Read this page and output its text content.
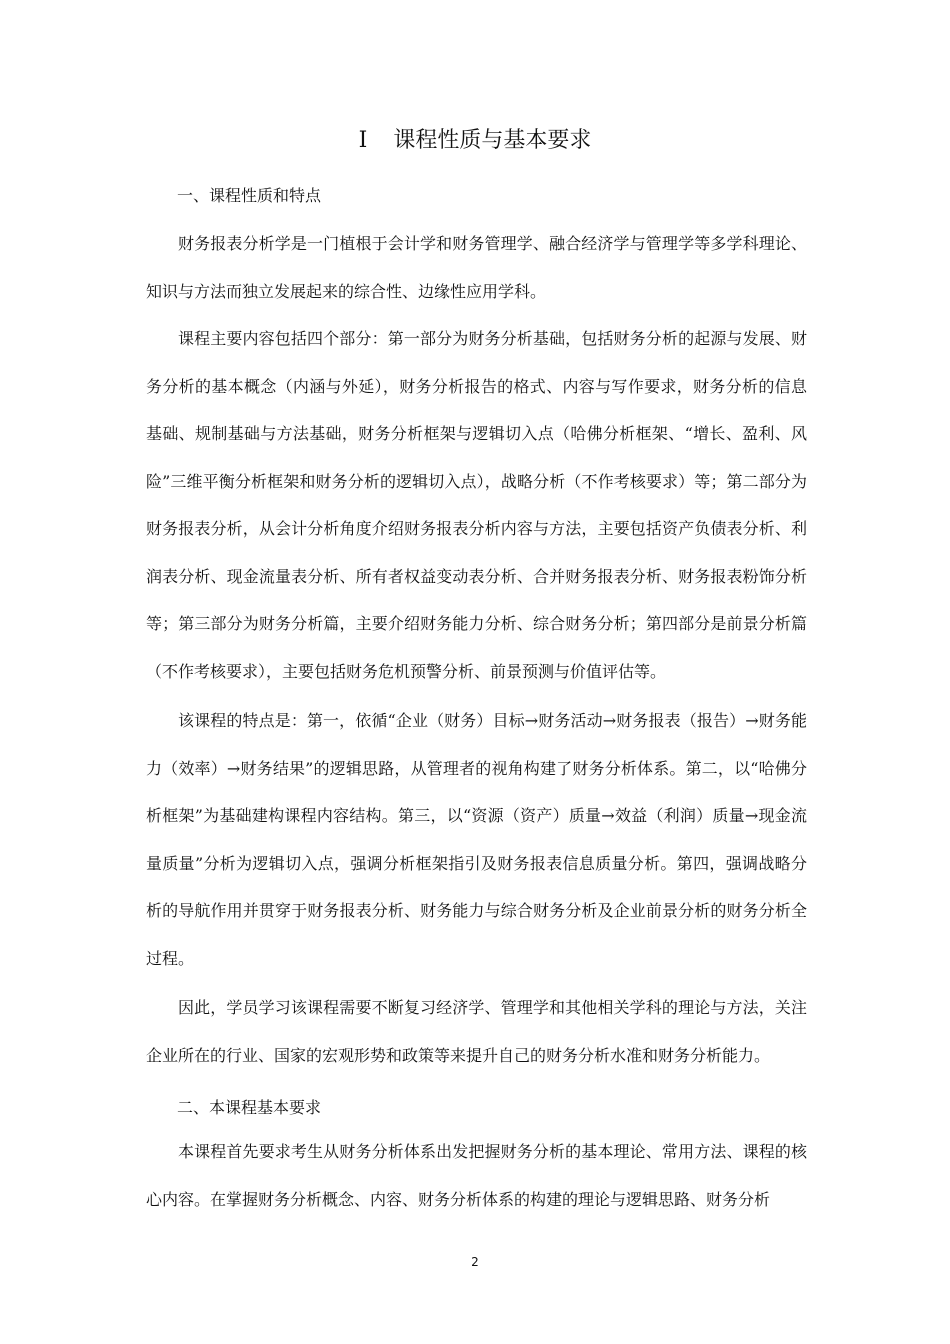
Ⅰ 课程性质与基本要求
一、课程性质和特点

财务报表分析学是一门植根于会计学和财务管理学、融合经济学与管理学等多学科理论、知识与方法而独立发展起来的综合性、边缘性应用学科。

课程主要内容包括四个部分：第一部分为财务分析基础，包括财务分析的起源与发展、财务分析的基本概念（内涵与外延），财务分析报告的格式、内容与写作要求，财务分析的信息基础、规制基础与方法基础，财务分析框架与逻辑切入点（哈佛分析框架、“增长、盈利、风险”三维平衡分析框架和财务分析的逻辑切入点），战略分析（不作考核要求）等；第二部分为财务报表分析，从会计分析角度介绍财务报表分析内容与方法，主要包括资产负债表分析、利润表分析、现金流量表分析、所有者权益变动表分析、合并财务报表分析、财务报表粉饰分析等；第三部分为财务分析篇，主要介绍财务能力分析、综合财务分析；第四部分是前景分析篇（不作考核要求），主要包括财务危机预警分析、前景预测与价值评估等。

该课程的特点是：第一，依循“企业（财务）目标→财务活动→财务报表（报告）→财务能力（效率）→财务结果”的逻辑思路，从管理者的视角构建了财务分析体系。第二，以“哈佛分析框架”为基础建构课程内容结构。第三，以“资源（资产）质量→效益（利润）质量→现金流量质量”分析为逻辑切入点，强调分析框架指引及财务报表信息质量分析。第四，强调战略分析的导航作用并贯穿于财务报表分析、财务能力与综合财务分析及企业前景分析的财务分析全过程。

因此，学员学习该课程需要不断复习经济学、管理学和其他相关学科的理论与方法，关注企业所在的行业、国家的宏观形势和政策等来提升自己的财务分析水准和财务分析能力。

二、本课程基本要求

本课程首先要求考生从财务分析体系出发把握财务分析的基本理论、常用方法、课程的核心内容。在掌握财务分析概念、内容、财务分析体系的构建的理论与逻辑思路、财务分析

2
